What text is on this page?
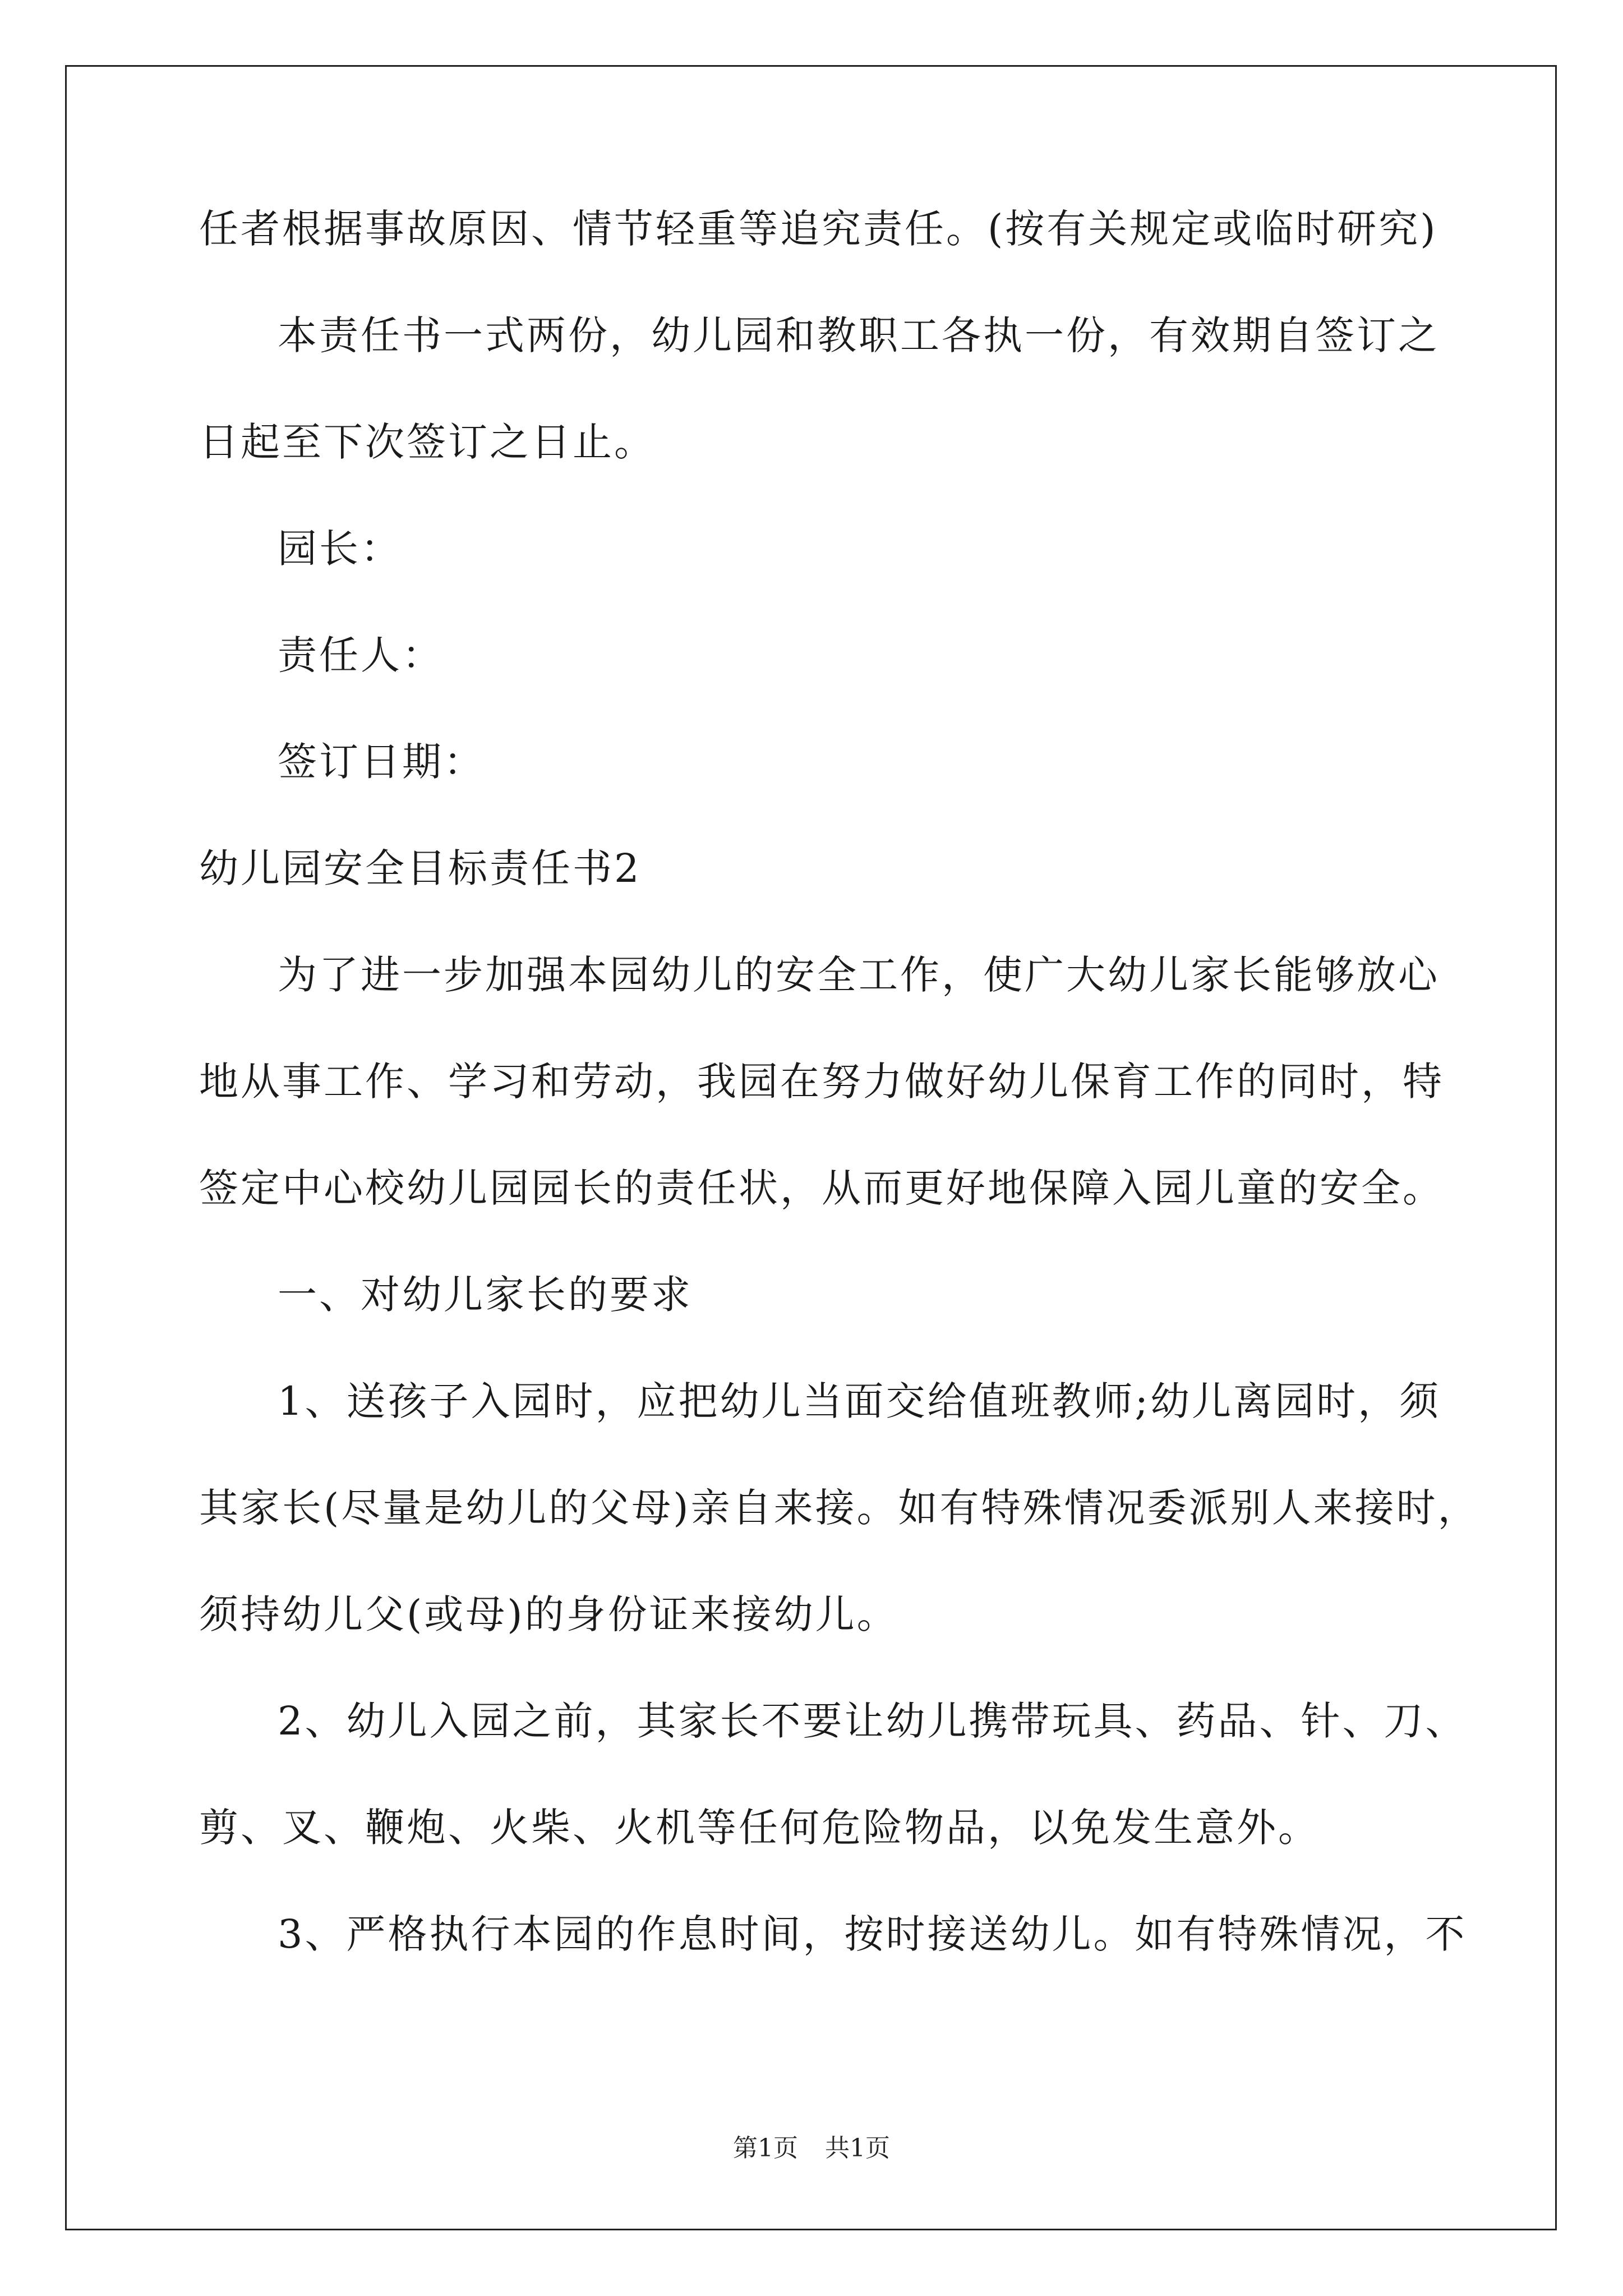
任者根据事故原因、情节轻重等追究责任。(按有关规定或临时研究)
本责任书一式两份，幼儿园和教职工各执一份，有效期自签订之
日起至下次签订之日止。
园长：
责任人：
签订日期：
幼儿园安全目标责任书2
为了进一步加强本园幼儿的安全工作，使广大幼儿家长能够放心
地从事工作、学习和劳动，我园在努力做好幼儿保育工作的同时，特
签定中心校幼儿园园长的责任状，从而更好地保障入园儿童的安全。
一、对幼儿家长的要求
1、送孩子入园时，应把幼儿当面交给值班教师;幼儿离园时，须
其家长(尽量是幼儿的父母)亲自来接。如有特殊情况委派别人来接时，
须持幼儿父(或母)的身份证来接幼儿。
2、幼儿入园之前，其家长不要让幼儿携带玩具、药品、针、刀、
剪、叉、鞭炮、火柴、火机等任何危险物品，以免发生意外。
3、严格执行本园的作息时间，按时接送幼儿。如有特殊情况，不
第1页 共1页
